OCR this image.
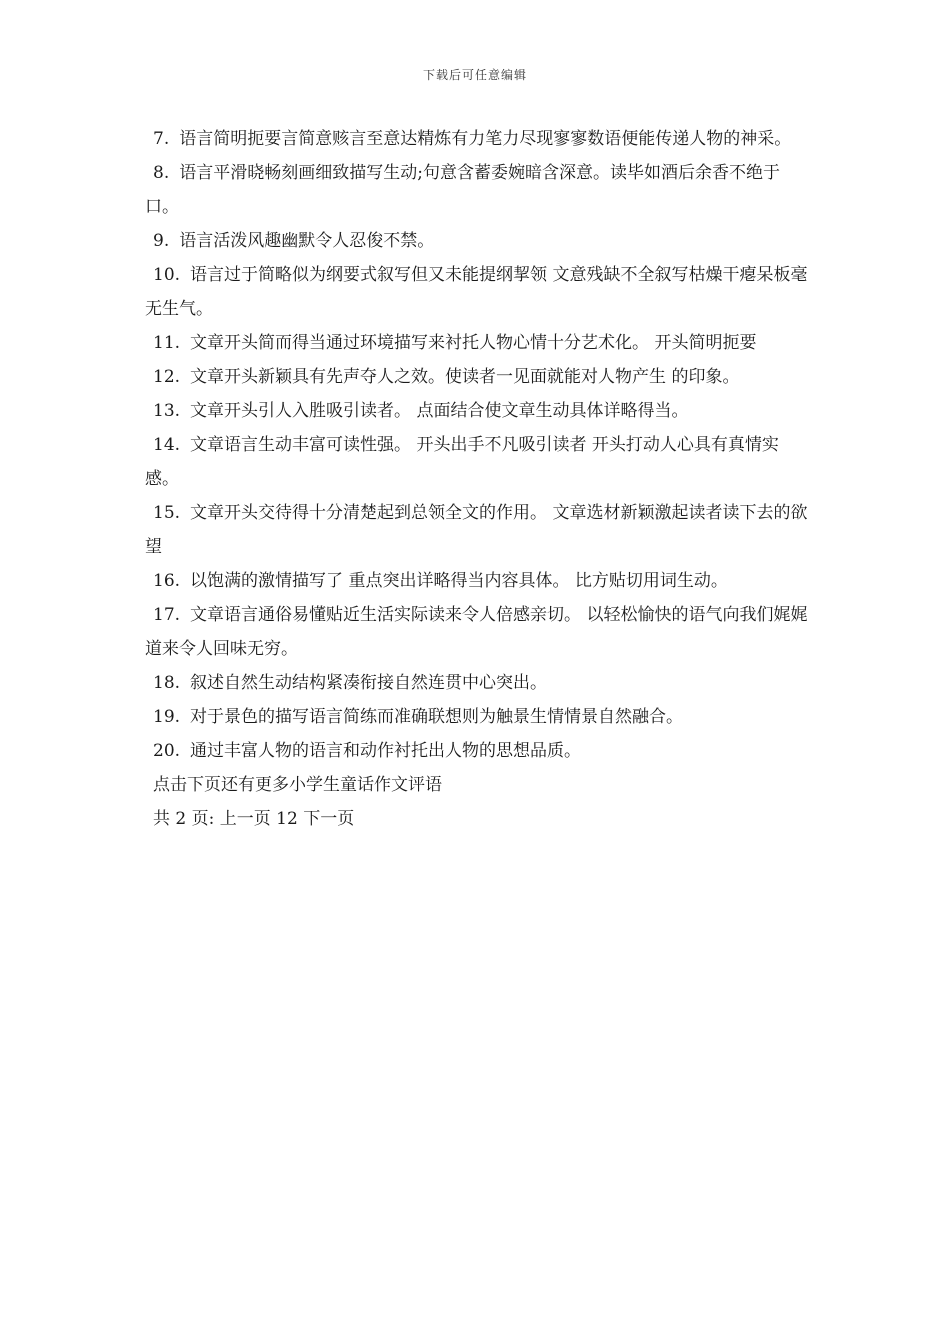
下载后可任意编辑

7. 语言简明扼要言简意赅言至意达精炼有力笔力尽现寥寥数语便能传递人物的神采。

8. 语言平滑晓畅刻画细致描写生动;句意含蓄委婉暗含深意。读毕如酒后余香不绝于口。

9. 语言活泼风趣幽默令人忍俊不禁。

10. 语言过于简略似为纲要式叙写但又未能提纲挈领 文意残缺不全叙写枯燥干瘪呆板毫无生气。

11. 文章开头简而得当通过环境描写来衬托人物心情十分艺术化。 开头简明扼要

12. 文章开头新颖具有先声夺人之效。使读者一见面就能对人物产生 的印象。

13. 文章开头引人入胜吸引读者。 点面结合使文章生动具体详略得当。

14. 文章语言生动丰富可读性强。 开头出手不凡吸引读者 开头打动人心具有真情实感。

15. 文章开头交待得十分清楚起到总领全文的作用。 文章选材新颖激起读者读下去的欲望

16. 以饱满的激情描写了 重点突出详略得当内容具体。 比方贴切用词生动。

17. 文章语言通俗易懂贴近生活实际读来令人倍感亲切。 以轻松愉快的语气向我们娓娓道来令人回味无穷。

18. 叙述自然生动结构紧凑衔接自然连贯中心突出。

19. 对于景色的描写语言简练而准确联想则为触景生情情景自然融合。

20. 通过丰富人物的语言和动作衬托出人物的思想品质。

点击下页还有更多小学生童话作文评语

共 2 页: 上一页 12 下一页
